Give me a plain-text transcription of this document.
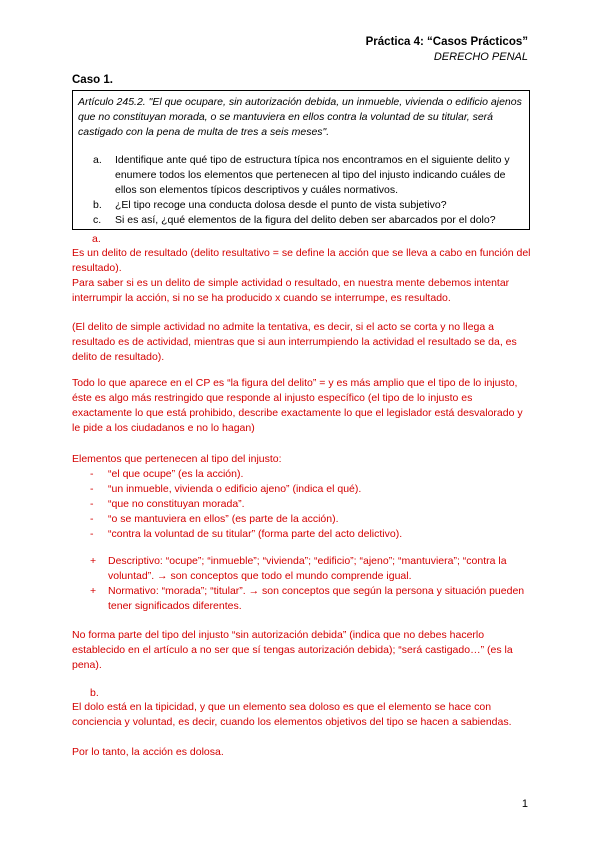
Práctica 4: “Casos Prácticos”
DERECHO PENAL
Caso 1.
Artículo 245.2. "El que ocupare, sin autorización debida, un inmueble, vivienda o edificio ajenos que no constituyan morada, o se mantuviera en ellos contra la voluntad de su titular, será castigado con la pena de multa de tres a seis meses".
a. Identifique ante qué tipo de estructura típica nos encontramos en el siguiente delito y enumere todos los elementos que pertenecen al tipo del injusto indicando cuáles de ellos son elementos típicos descriptivos y cuáles normativos.
b. ¿El tipo recoge una conducta dolosa desde el punto de vista subjetivo?
c. Si es así, ¿qué elementos de la figura del delito deben ser abarcados por el dolo?
a.
Es un delito de resultado (delito resultativo = se define la acción que se lleva a cabo en función del resultado).
Para saber si es un delito de simple actividad o resultado, en nuestra mente debemos intentar interrumpir la acción, si no se ha producido x cuando se interrumpe, es resultado.
(El delito de simple actividad no admite la tentativa, es decir, si el acto se corta y no llega a resultado es de actividad, mientras que si aun interrumpiendo la actividad el resultado se da, es delito de resultado).
Todo lo que aparece en el CP es “la figura del delito” = y es más amplio que el tipo de lo injusto, éste es algo más restringido que responde al injusto específico (el tipo de lo injusto es exactamente lo que está prohibido, describe exactamente lo que el legislador está desvalorado y le pide a los ciudadanos e no lo hagan)
Elementos que pertenecen al tipo del injusto:
- “el que ocupe” (es la acción).
- “un inmueble, vivienda o edificio ajeno” (indica el qué).
- “que no constituyan morada”.
- “o se mantuviera en ellos” (es parte de la acción).
- “contra la voluntad de su titular” (forma parte del acto delictivo).
+ Descriptivo: “ocupe”; “inmueble”; “vivienda”; “edificio”; “ajeno”; “mantuviera”; “contra la voluntad”. → son conceptos que todo el mundo comprende igual.
+ Normativo: “morada”; “titular”. → son conceptos que según la persona y situación pueden tener significados diferentes.
No forma parte del tipo del injusto “sin autorización debida” (indica que no debes hacerlo establecido en el artículo a no ser que sí tengas autorización debida); “será castigado…” (es la pena).
b.
El dolo está en la tipicidad, y que un elemento sea doloso es que el elemento se hace con conciencia y voluntad, es decir, cuando los elementos objetivos del tipo se hacen a sabiendas.
Por lo tanto, la acción es dolosa.
1
